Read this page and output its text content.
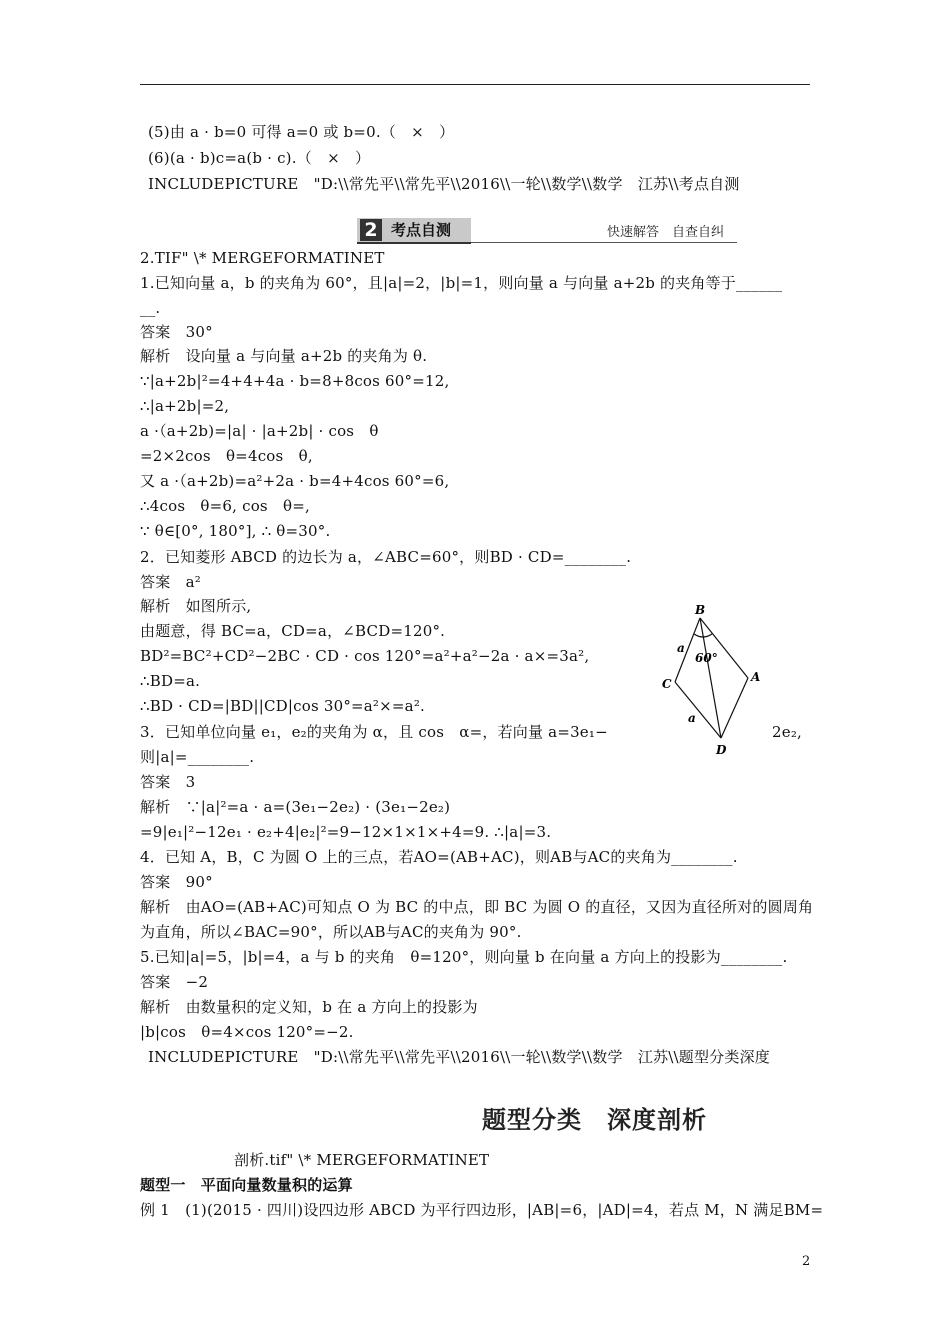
(5)由 a · b=0 可得 a=0 或 b=0.（　×　）
(6)(a · b)c=a(b · c).（　×　）
INCLUDEPICTURE　"D:\\常先平\\常先平\\2016\\一轮\\数学\\数学　江苏\\考点自测
2 考点自测	快速解答　自查自纠
2.TIF" \* MERGEFORMATINET
1.已知向量 a，b 的夹角为 60°，且|a|=2，|b|=1，则向量 a 与向量 a+2b 的夹角等于______
__.
答案　30°
解析　设向量 a 与向量 a+2b 的夹角为 θ.
∵|a+2b|²=4+4+4a · b=8+8cos 60°=12,
∴|a+2b|=2,
a ·（a+2b)=|a| · |a+2b| · cos　θ
=2×2cos　θ=4cos　θ,
又 a ·（a+2b)=a²+2a · b=4+4cos 60°=6,
∴4cos　θ=6, cos　θ=,
∵ θ∈[0°, 180°], ∴ θ=30°.
2．已知菱形 ABCD 的边长为 a，∠ABC=60°，则BD · CD=________.
答案　a²
解析　如图所示,
由题意，得 BC=a，CD=a，∠BCD=120°.
BD²=BC²+CD²−2BC · CD · cos 120°=a²+a²−2a · a×=3a²,
∴BD=a.
∴BD · CD=|BD||CD|cos 30°=a²×=a².
3．已知单位向量 e₁，e₂的夹角为 α，且 cos　α=，若向量 a=3e₁−	2e₂,
则|a|=________.
答案　3
解析　∵|a|²=a · a=(3e₁−2e₂) · (3e₁−2e₂)
=9|e₁|²−12e₁ · e₂+4|e₂|²=9−12×1×1×+4=9. ∴|a|=3.
4．已知 A，B，C 为圆 O 上的三点，若AO=(AB+AC)，则AB与AC的夹角为________.
答案　90°
解析　由AO=(AB+AC)可知点 O 为 BC 的中点，即 BC 为圆 O 的直径，又因为直径所对的圆周角
为直角，所以∠BAC=90°，所以AB与AC的夹角为 90°.
5.已知|a|=5，|b|=4，a 与 b 的夹角　θ=120°，则向量 b 在向量 a 方向上的投影为________.
答案　−2
解析　由数量积的定义知，b 在 a 方向上的投影为
|b|cos　θ=4×cos 120°=−2.
INCLUDEPICTURE　"D:\\常先平\\常先平\\2016\\一轮\\数学\\数学　江苏\\题型分类深度
题型分类　深度剖析
剖析.tif" \* MERGEFORMATINET
题型一　平面向量数量积的运算
例 1　(1)(2015 · 四川)设四边形 ABCD 为平行四边形，|AB|=6，|AD|=4，若点 M，N 满足BM=
B
a
60°
A
C
a
D
2
